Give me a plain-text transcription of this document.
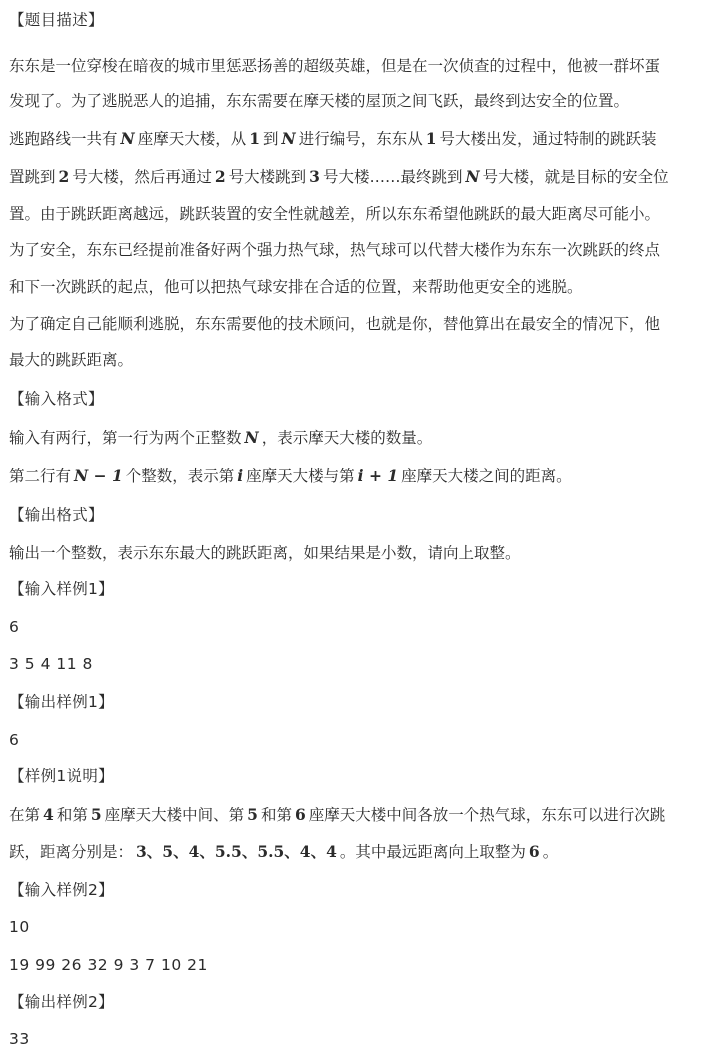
【题目描述】
东东是一位穿梭在暗夜的城市里惩恶扬善的超级英雄，但是在一次侦查的过程中，他被一群坏蛋
发现了。为了逃脱恶人的追捕，东东需要在摩天楼的屋顶之间飞跃，最终到达安全的位置。
逃跑路线一共有 N 座摩天大楼，从 1 到 N 进行编号，东东从 1 号大楼出发，通过特制的跳跃装
置跳到 2 号大楼，然后再通过 2 号大楼跳到 3 号大楼……最终跳到 N 号大楼，就是目标的安全位
置。由于跳跃距离越远，跳跃装置的安全性就越差，所以东东希望他跳跃的最大距离尽可能小。
为了安全，东东已经提前准备好两个强力热气球，热气球可以代替大楼作为东东一次跳跃的终点
和下一次跳跃的起点，他可以把热气球安排在合适的位置，来帮助他更安全的逃脱。
为了确定自己能顺利逃脱，东东需要他的技术顾问，也就是你，替他算出在最安全的情况下，他
最大的跳跃距离。
【输入格式】
输入有两行，第一行为两个正整数 N ，表示摩天大楼的数量。
第二行有 N − 1 个整数，表示第 i 座摩天大楼与第 i + 1 座摩天大楼之间的距离。
【输出格式】
输出一个整数，表示东东最大的跳跃距离，如果结果是小数，请向上取整。
【输入样例1】
6
3 5 4 11 8
【输出样例1】
6
【样例1说明】
在第 4 和第 5 座摩天大楼中间、第 5 和第 6 座摩天大楼中间各放一个热气球，东东可以进行次跳
跃，距离分别是： 3、5、4、5.5、5.5、4、4 。其中最远距离向上取整为 6 。
【输入样例2】
10
19 99 26 32 9 3 7 10 21
【输出样例2】
33
